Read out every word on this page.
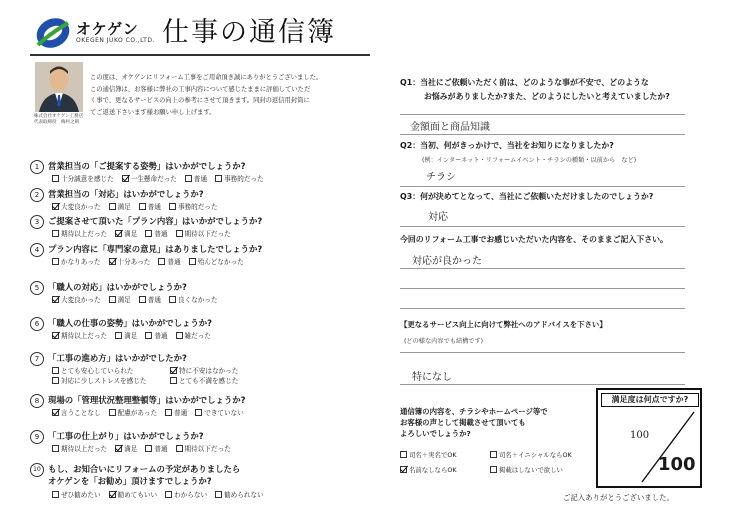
オケゲン
OKEGEN JUKO CO.,LTD. 仕事の通信簿
株式会社オケゲン工務店
代表取締役　梅村之則
この度は、オケゲンにリフォーム工事をご用命頂き誠にありがとうございました。
この通信簿は、お客様に弊社の工事内容について感じたままに評価していただ
く事で、更なるサービスの向上の参考にさせて頂きます。同封の返信用封筒に
てご返送下さいます様お願い申し上げます。
1	営業担当の「ご提案する姿勢」はいかがでしょうか?
十分誠意を感じた	一生懸命だった	普通	事務的だった
2	営業担当の「対応」はいかがでしょうか?
大変良かった	満足	普通	事務的だった
3	ご提案させて頂いた「プラン内容」はいかがでしょうか?
期待以上だった	満足	普通	期待以下だった
4	プラン内容に「専門家の意見」はありましたでしょうか?
かなりあった	十分あった	普通	殆んどなかった
5	「職人の対応」はいかがでしょうか?
大変良かった	満足	普通	良くなかった
6	「職人の仕事の姿勢」はいかがでしょうか?
期待以上だった	満足	普通	雑だった
7	「工事の進め方」はいかがでしたか?
とても安心していられた	特に不安はなかった
対応に少しストレスを感じた	とても不満を感じた
8	現場の「管理状況整理整頓等」はいかがでしょうか?
言うことなし	配慮があった	普通	できていない
9	「工事の仕上がり」はいかがでしょうか?
期待以上だった	満足	普通	期待以下だった
10 もし、お知合いにリフォームの予定がありましたら
オケゲンを「お勧め」頂けますでしょうか?
ぜひ勧めたい	勧めてもいい	わからない	勧められない
Q1：当社にご依頼いただく前は、どのような事が不安で、どのような
お悩みがありましたか?また、どのようにしたいと考えていましたか?
金額面と商品知識
Q2：当初、何がきっかけで、当社をお知りになりましたか?
(例：インターネット・リフォームイベント・チラシの種類・以前から　など)
チラシ
Q3：何が決めてとなって、当社にご依頼いただけましたのでしょうか?
対応
今回のリフォーム工事でお感じいただいた内容を、そのままご記入下さい。
対応が良かった
【更なるサービス向上に向けて弊社へのアドバイスを下さい】
(どの様な内容でも結構です)
特になし
通信簿の内容を、チラシやホームページ等で
お客様の声として掲載させて頂いても
よろしいでしょうか?
司名＋実名でOK	司名＋イニシャルならOK
名前なしならOK	掲載はしないで欲しい
満足度は何点ですか?
100
100
ご記入ありがとうございました。
